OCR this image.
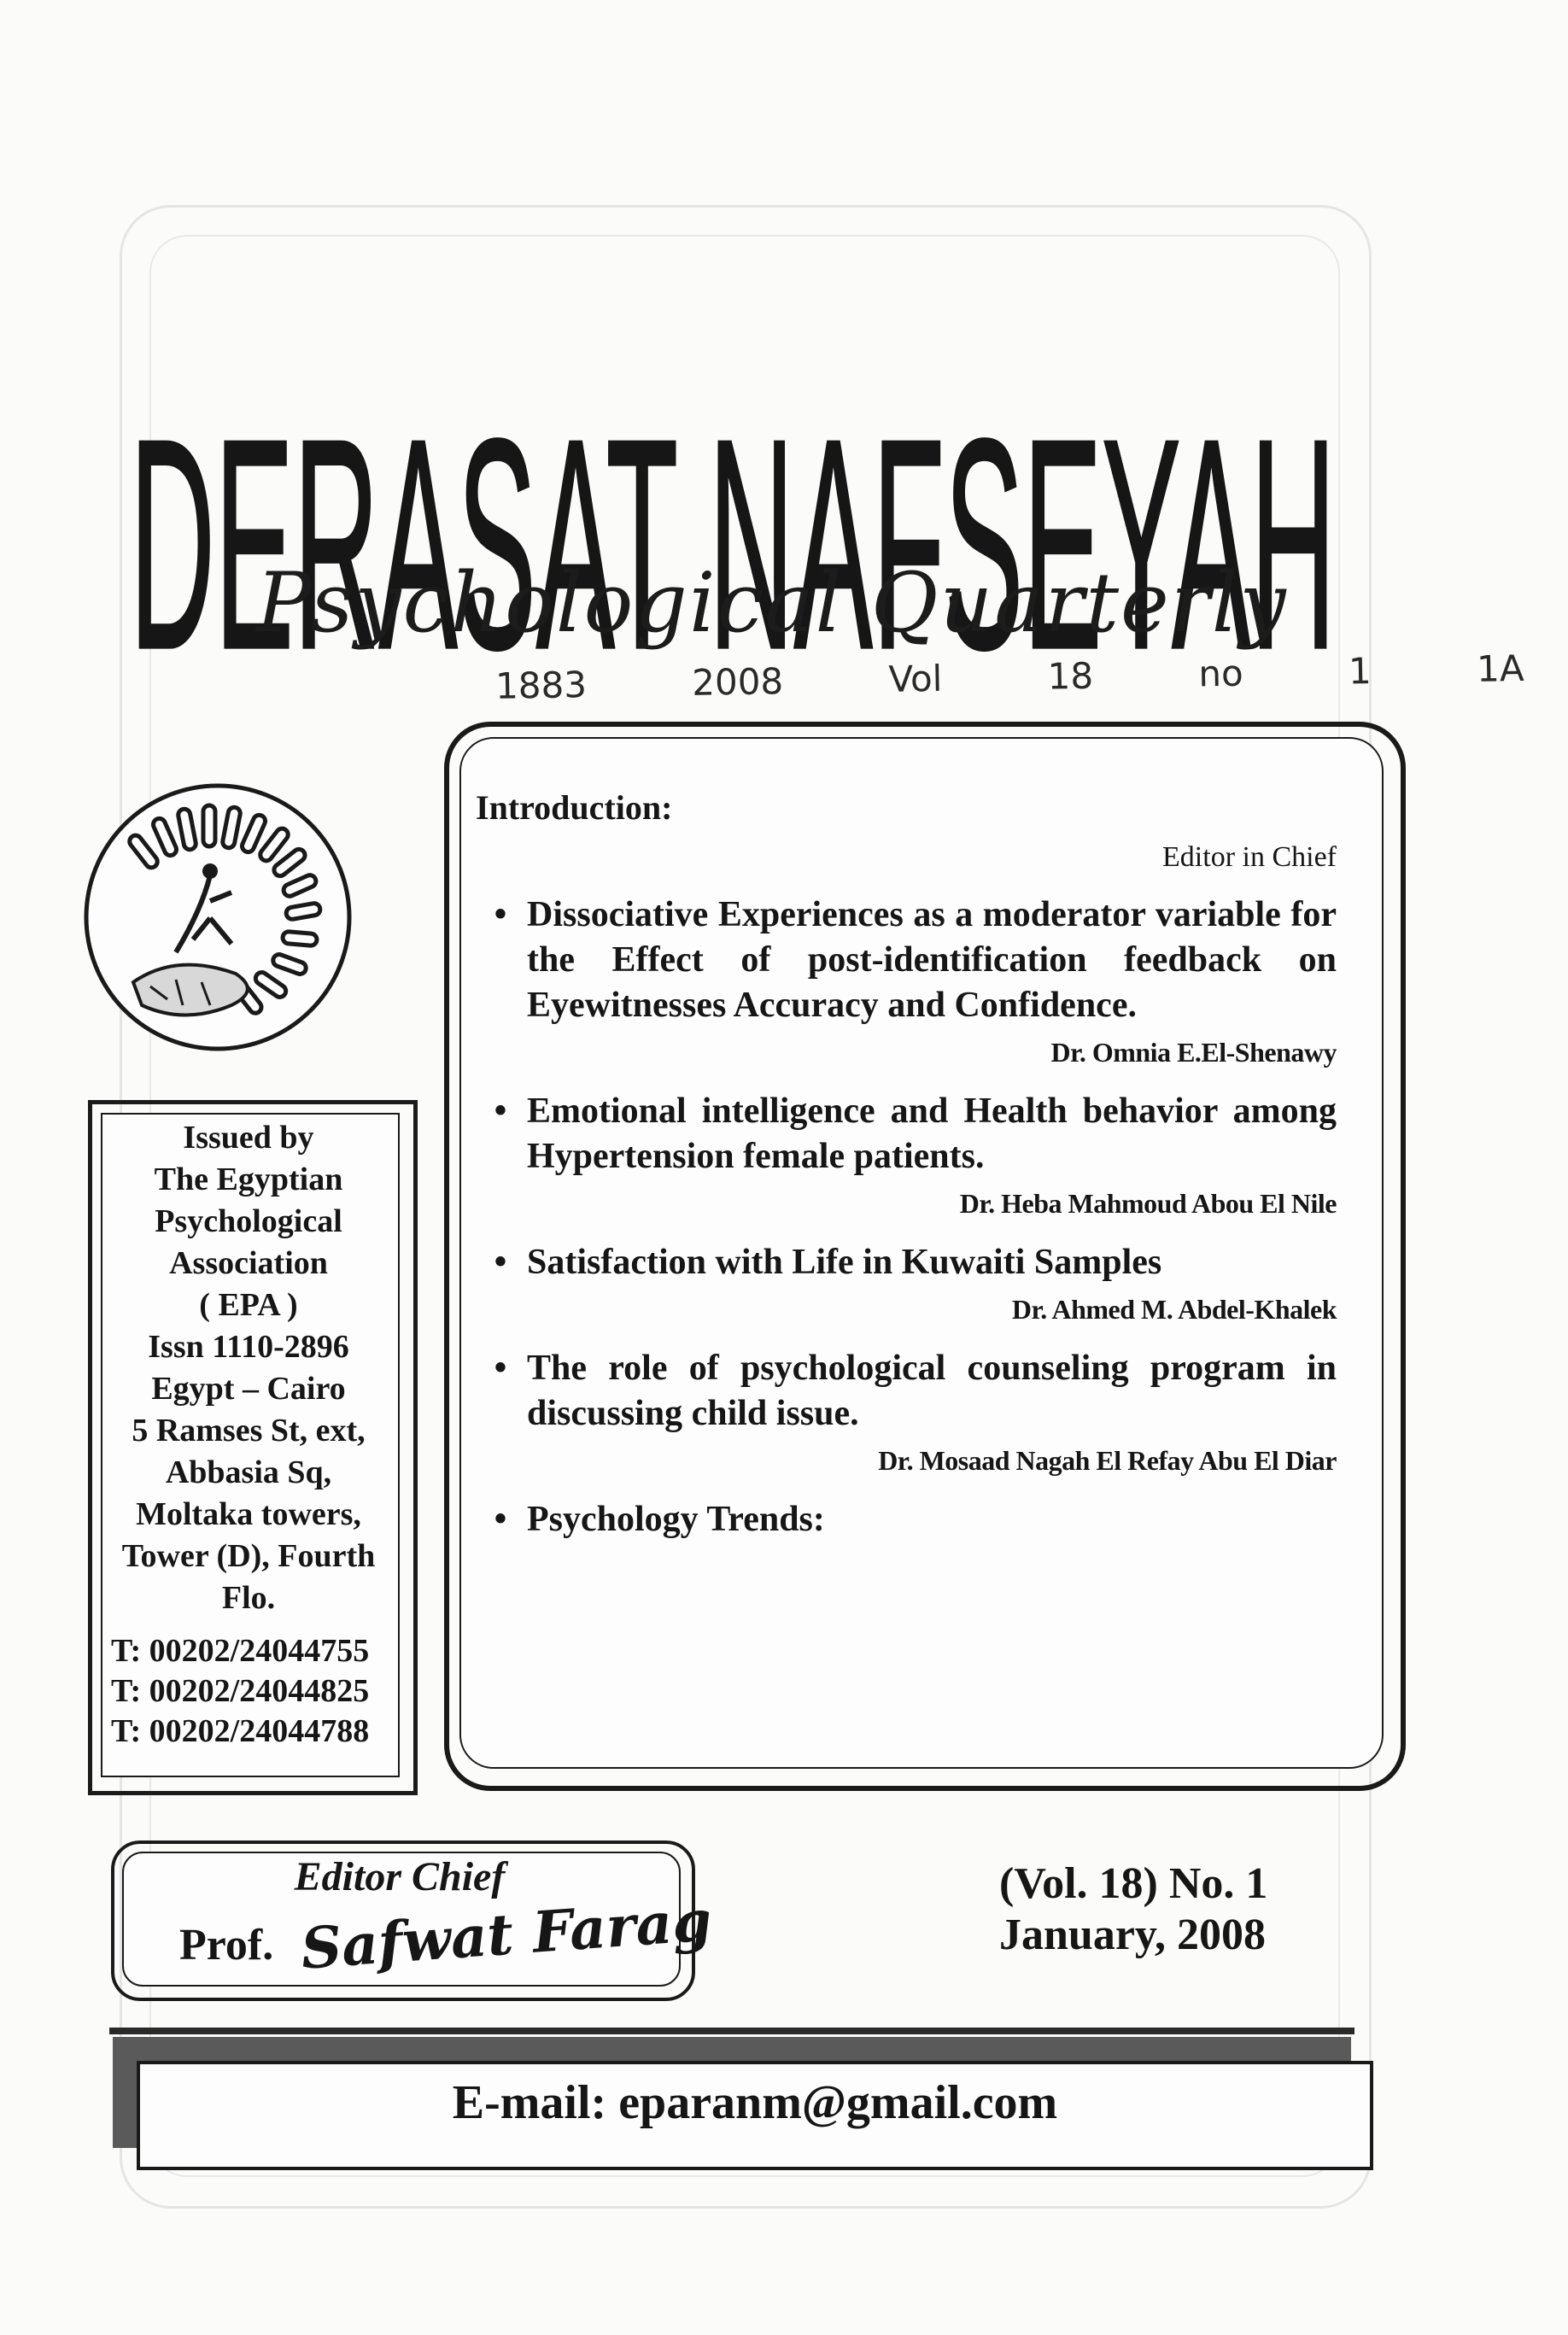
DERASAT NAFSEYAH
Psychological Quarterly
1883 2008 Vol 18 no 1 1A
Issued by
The Egyptian
Psychological
Association
( EPA )
Issn 1110-2896
Egypt – Cairo
5 Ramses St, ext,
Abbasia Sq,
Moltaka towers,
Tower (D), Fourth
Flo.
T: 00202/24044755
T: 00202/24044825
T: 00202/24044788
Introduction:
Editor in Chief
• Dissociative Experiences as a moderator variable for the Effect of post-identification feedback on Eyewitnesses Accuracy and Confidence.
Dr. Omnia E.El-Shenawy
• Emotional intelligence and Health behavior among Hypertension female patients.
Dr. Heba Mahmoud Abou El Nile
• Satisfaction with Life in Kuwaiti Samples
Dr. Ahmed M. Abdel-Khalek
• The role of psychological counseling program in discussing child issue.
Dr. Mosaad Nagah El Refay Abu El Diar
• Psychology Trends:
Editor Chief
Prof. Safwat Farag
(Vol. 18) No. 1
January, 2008
E-mail: eparanm@gmail.com
